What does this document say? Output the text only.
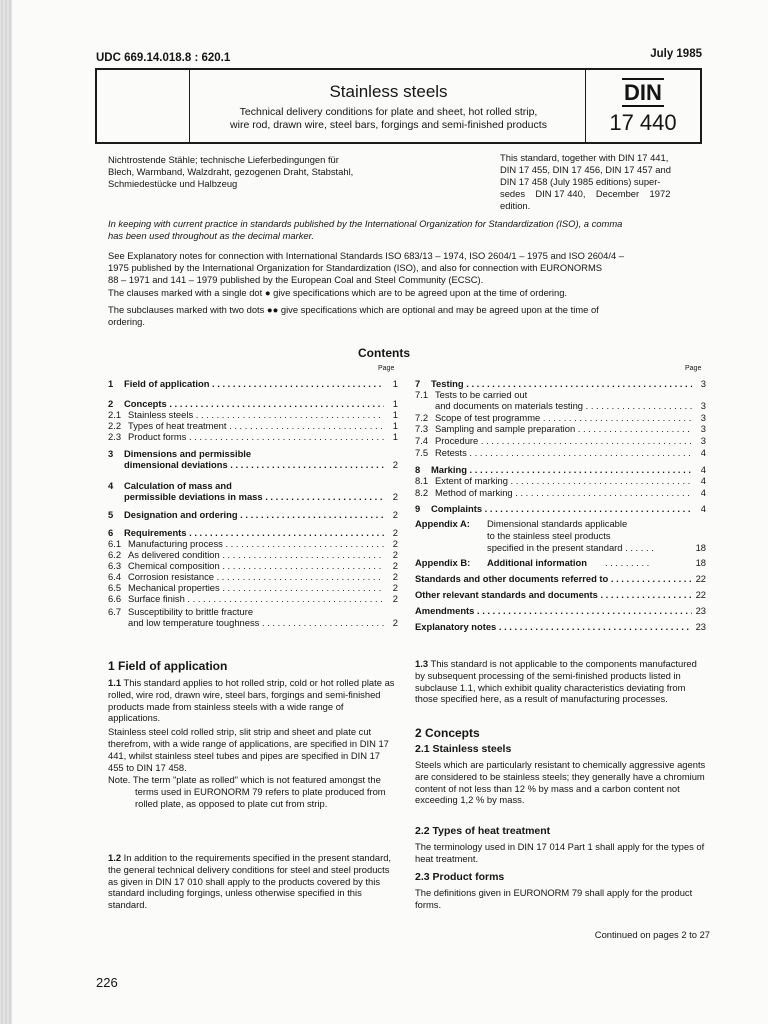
UDC 669.14.018.8 : 620.1	July 1985
Stainless steels
Technical delivery conditions for plate and sheet, hot rolled strip,
wire rod, drawn wire, steel bars, forgings and semi-finished products
DIN
17 440
Nichtrostende Stähle; technische Lieferbedingungen für
Blech, Warmband, Walzdraht, gezogenen Draht, Stabstahl,
Schmiedestücke und Halbzeug
This standard, together with DIN 17 441,
DIN 17 455, DIN 17 456, DIN 17 457 and
DIN 17 458 (July 1985 editions) super-
sedes    DIN 17 440,    December    1972
edition.
In keeping with current practice in standards published by the International Organization for Standardization (ISO), a comma
has been used throughout as the decimal marker.
See Explanatory notes for connection with International Standards ISO 683/13 – 1974, ISO 2604/1 – 1975 and ISO 2604/4 –
1975 published by the International Organization for Standardization (ISO), and also for connection with EURONORMS
88 – 1971 and 141 – 1979 published by the European Coal and Steel Community (ECSC).
The clauses marked with a single dot ● give specifications which are to be agreed upon at the time of ordering.
The subclauses marked with two dots ●● give specifications which are optional and may be agreed upon at the time of
ordering.
Contents
Page	Page
1 Field of application . . .	1
2 Concepts . . .	1
2.1 Stainless steels . . .	1
2.2 Types of heat treatment . . .	1
2.3 Product forms . . .	1
3 Dimensions and permissible
dimensional deviations . . .	2
4 Calculation of mass and
permissible deviations in mass . . .	2
5 Designation and ordering . . .	2
6 Requirements . . .	2
6.1 Manufacturing process . . .	2
6.2 As delivered condition . . .	2
6.3 Chemical composition . . .	2
6.4 Corrosion resistance . . .	2
6.5 Mechanical properties . . .	2
6.6 Surface finish . . .	2
6.7 Susceptibility to brittle fracture
and low temperature toughness . . .	2
7 Testing . . .	3
7.1 Tests to be carried out
and documents on materials testing . . .	3
7.2 Scope of test programme . . .	3
7.3 Sampling and sample preparation . . .	3
7.4 Procedure . . .	3
7.5 Retests . . .	4
8 Marking . . .	4
8.1 Extent of marking . . .	4
8.2 Method of marking . . .	4
9 Complaints . . .	4
Appendix A: Dimensional standards applicable
to the stainless steel products
specified in the present standard . . . . . .	18
Appendix B: Additional information . . . . . . . . .	18
Standards and other documents referred to . . .	22
Other relevant standards and documents . . .	22
Amendments . . .	23
Explanatory notes . . .	23
1 Field of application

1.1 This standard applies to hot rolled strip, cold or hot rolled plate as rolled, wire rod, drawn wire, steel bars, forgings and semi-finished products made from stainless steels with a wide range of applications.

Stainless steel cold rolled strip, slit strip and sheet and plate cut therefrom, with a wide range of applications, are specified in DIN 17 441, whilst stainless steel tubes and pipes are specified in DIN 17 455 to DIN 17 458.

Note. The term "plate as rolled" which is not featured amongst the terms used in EURONORM 79 refers to plate produced from rolled plate, as opposed to plate cut from strip.

1.2 In addition to the requirements specified in the present standard, the general technical delivery conditions for steel and steel products as given in DIN 17 010 shall apply to the products covered by this standard including forgings, unless otherwise specified in this standard.

1.3 This standard is not applicable to the components manufactured by subsequent processing of the semi-finished products listed in subclause 1.1, which exhibit quality characteristics deviating from those specified here, as a result of manufacturing processes.

2 Concepts
2.1 Stainless steels
Steels which are particularly resistant to chemically aggressive agents are considered to be stainless steels; they generally have a chromium content of not less than 12 % by mass and a carbon content not exceeding 1,2 % by mass.
2.2 Types of heat treatment
The terminology used in DIN 17 014 Part 1 shall apply for the types of heat treatment.
2.3 Product forms
The definitions given in EURONORM 79 shall apply for the product forms.
Continued on pages 2 to 27
226
